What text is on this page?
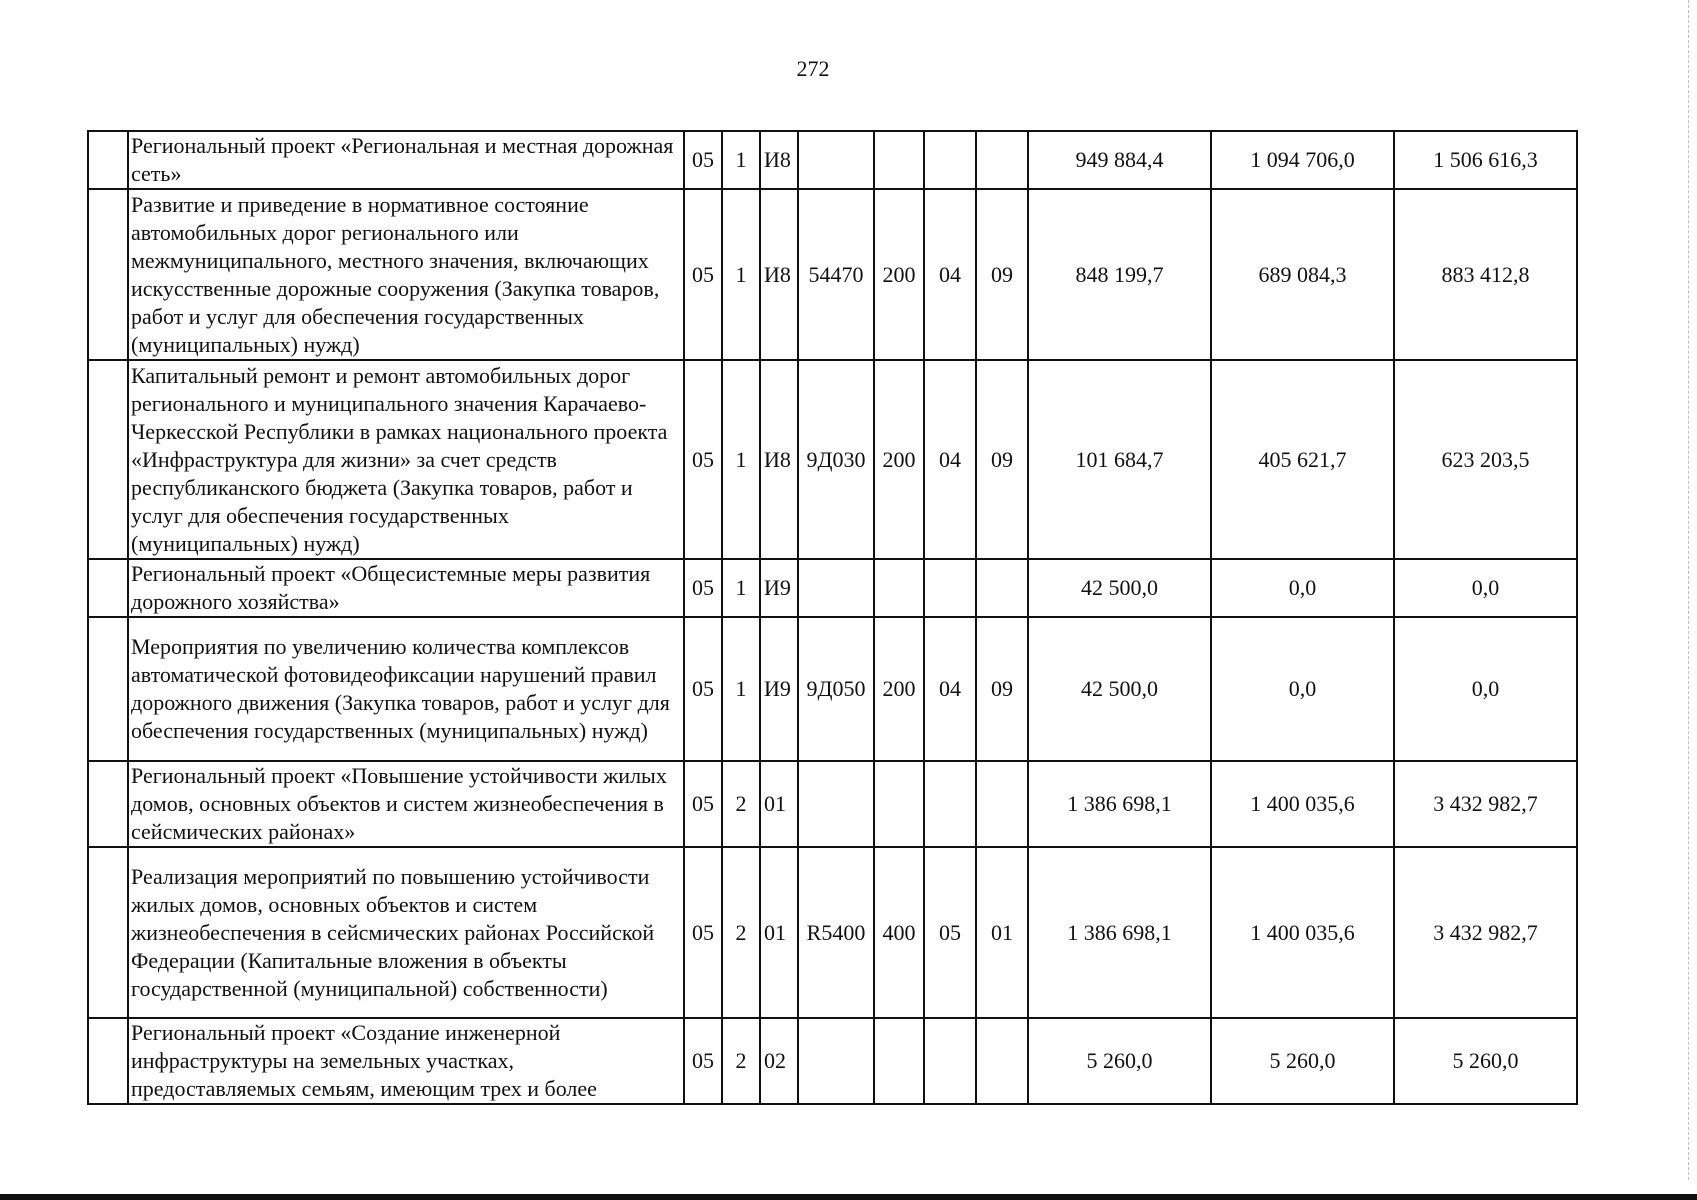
272
	Региональный проект «Региональная и местная дорожная сеть»	05	1	И8					949 884,4	1 094 706,0	1 506 616,3
	Развитие и приведение в нормативное состояние автомобильных дорог регионального или межмуниципального, местного значения, включающих искусственные дорожные сооружения (Закупка товаров, работ и услуг для обеспечения государственных (муниципальных) нужд)	05	1	И8	54470	200	04	09	848 199,7	689 084,3	883 412,8
	Капитальный ремонт и ремонт автомобильных дорог регионального и муниципального значения Карачаево-Черкесской Республики в рамках национального проекта «Инфраструктура для жизни» за счет средств республиканского бюджета (Закупка товаров, работ и услуг для обеспечения государственных (муниципальных) нужд)	05	1	И8	9Д030	200	04	09	101 684,7	405 621,7	623 203,5
	Региональный проект «Общесистемные меры развития дорожного хозяйства»	05	1	И9					42 500,0	0,0	0,0
	Мероприятия по увеличению количества комплексов автоматической фотовидеофиксации нарушений правил дорожного движения (Закупка товаров, работ и услуг для обеспечения государственных (муниципальных) нужд)	05	1	И9	9Д050	200	04	09	42 500,0	0,0	0,0
	Региональный проект «Повышение устойчивости жилых домов, основных объектов и систем жизнеобеспечения в сейсмических районах»	05	2	01					1 386 698,1	1 400 035,6	3 432 982,7
	Реализация мероприятий по повышению устойчивости жилых домов, основных объектов и систем жизнеобеспечения в сейсмических районах Российской Федерации (Капитальные вложения в объекты государственной (муниципальной) собственности)	05	2	01	R5400	400	05	01	1 386 698,1	1 400 035,6	3 432 982,7
	Региональный проект «Создание инженерной инфраструктуры на земельных участках, предоставляемых семьям, имеющим трех и более	05	2	02					5 260,0	5 260,0	5 260,0
